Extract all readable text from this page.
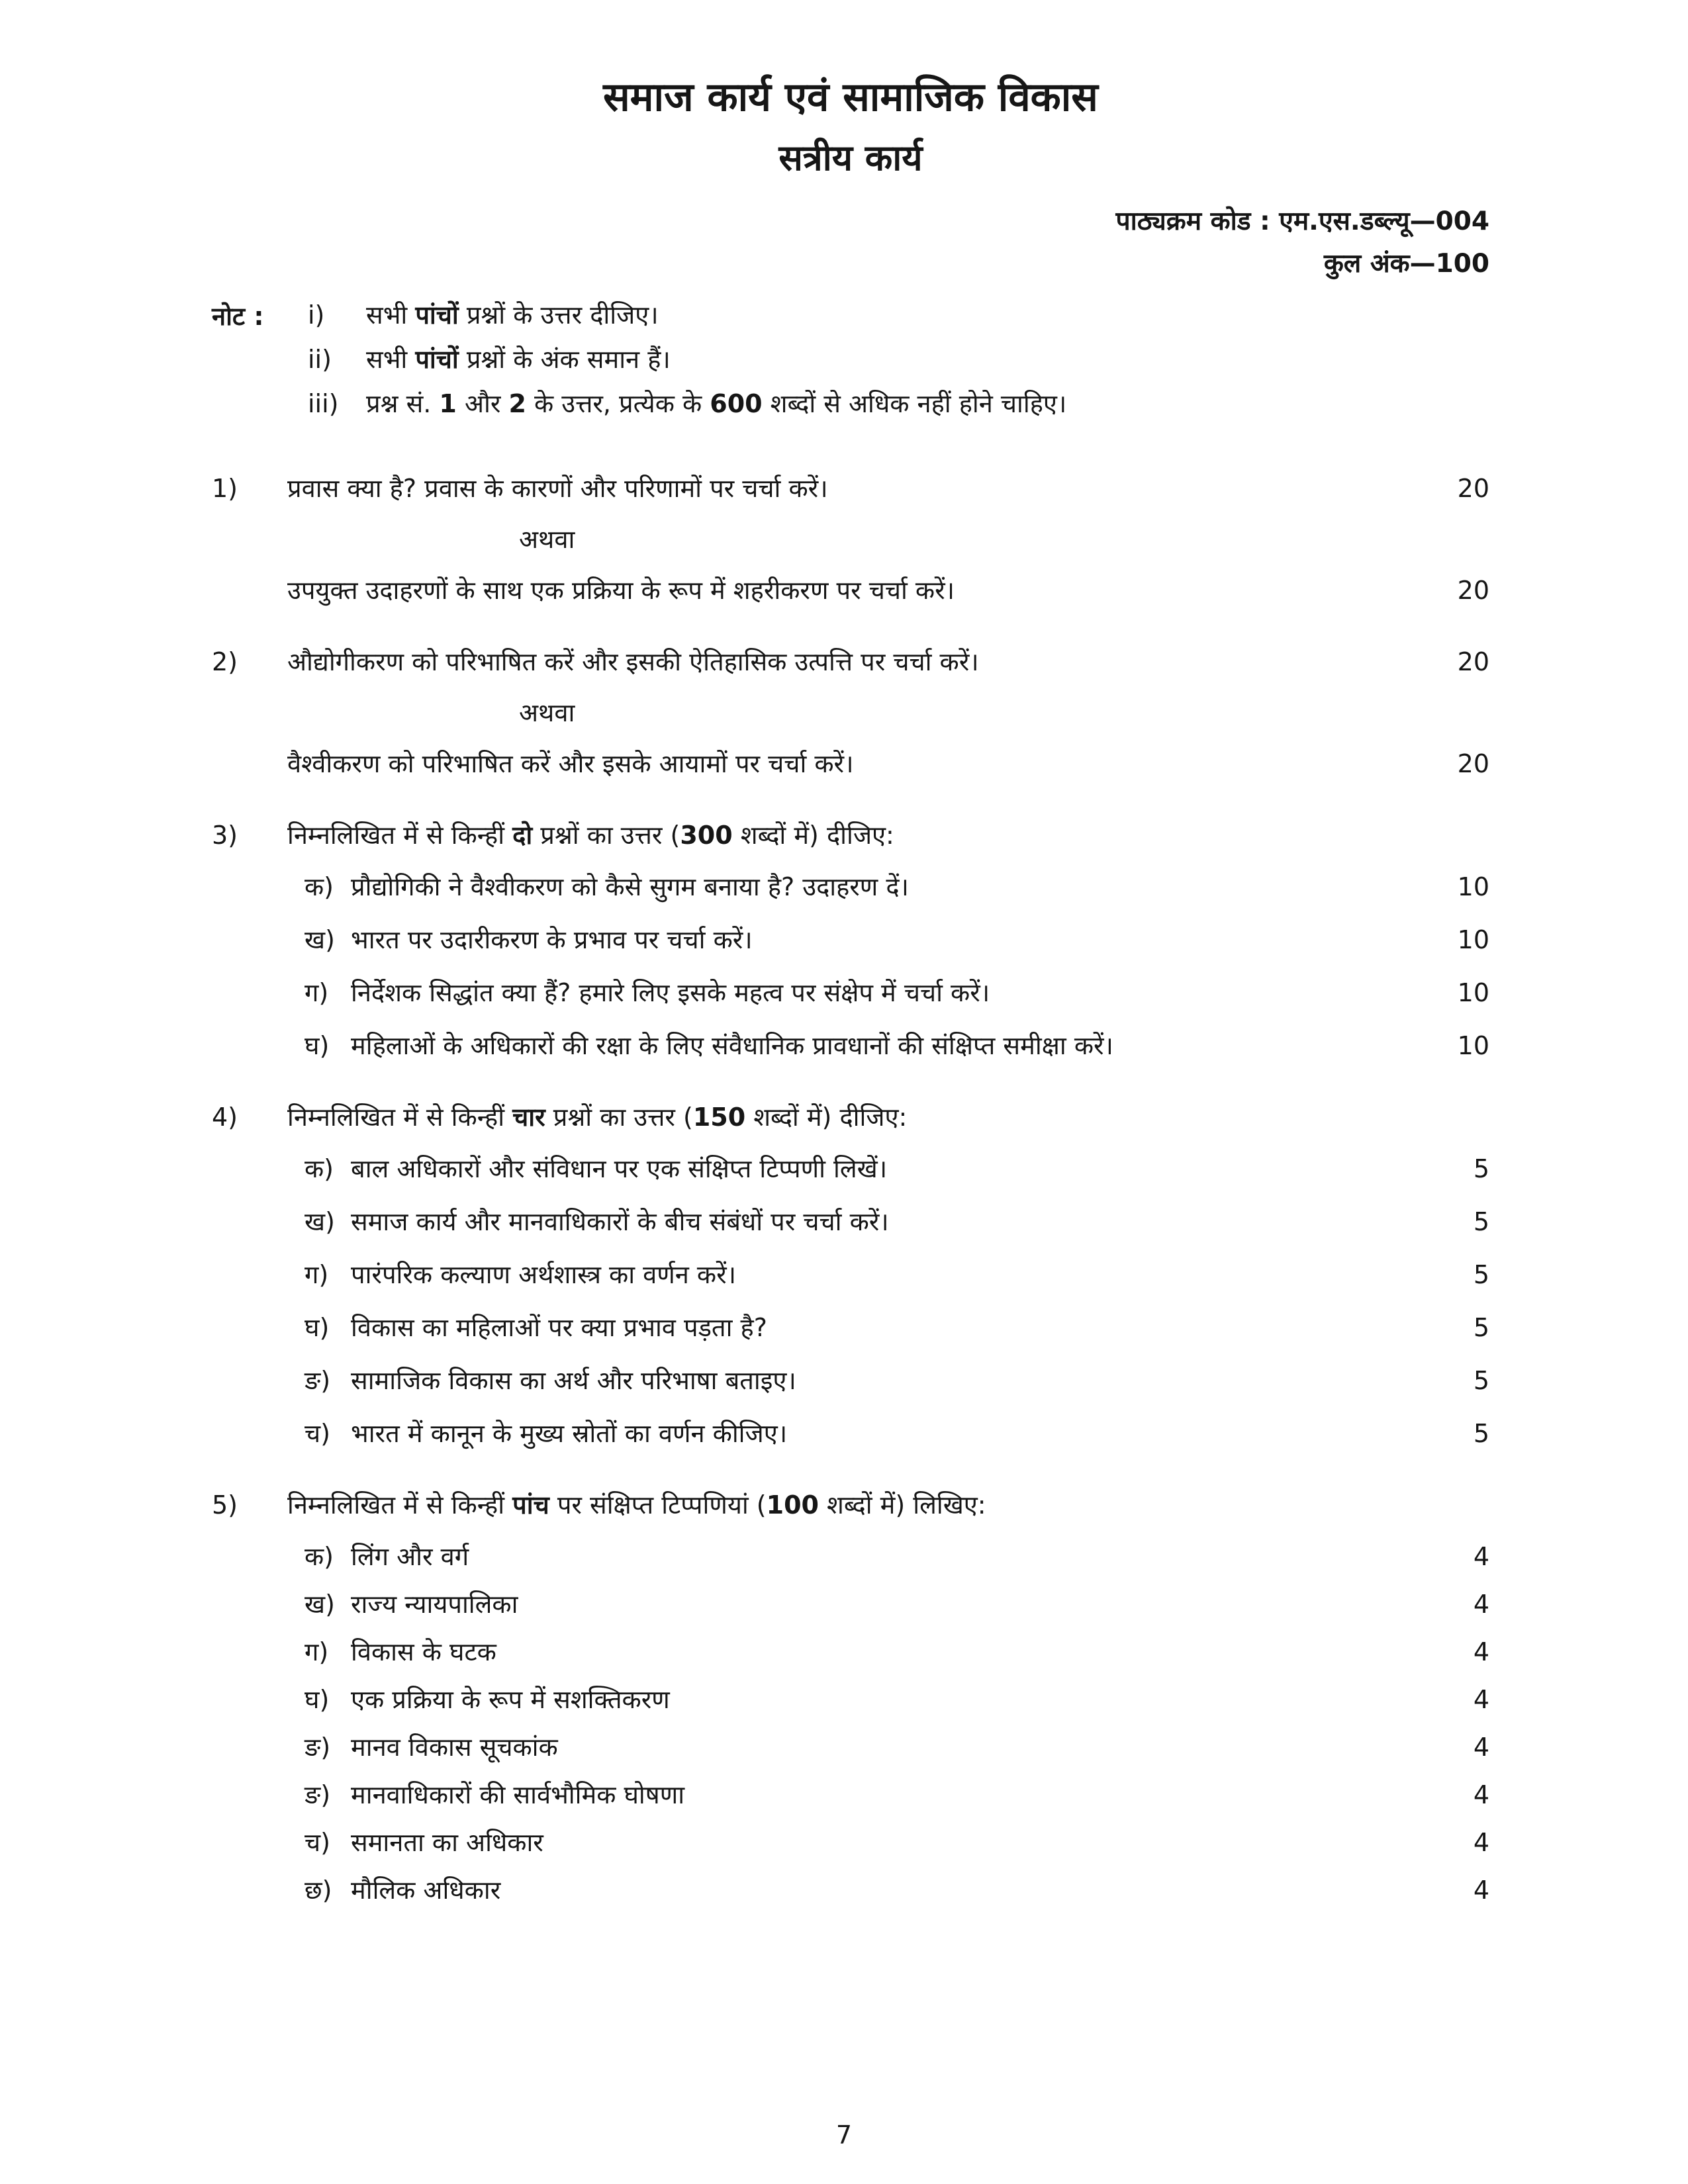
समाज कार्य एवं सामाजिक विकास
सत्रीय कार्य
पाठ्यक्रम कोड : एम.एस.डब्ल्यू—004
कुल अंक—100
नोट :	i)	सभी पांचों प्रश्नों के उत्तर दीजिए।
ii)	सभी पांचों प्रश्नों के अंक समान हैं।
iii)	प्रश्न सं. 1 और 2 के उत्तर, प्रत्येक के 600 शब्दों से अधिक नहीं होने चाहिए।
1)	प्रवास क्या है? प्रवास के कारणों और परिणामों पर चर्चा करें।	20
अथवा
उपयुक्त उदाहरणों के साथ एक प्रक्रिया के रूप में शहरीकरण पर चर्चा करें।	20
2)	औद्योगीकरण को परिभाषित करें और इसकी ऐतिहासिक उत्पत्ति पर चर्चा करें।	20
अथवा
वैश्वीकरण को परिभाषित करें और इसके आयामों पर चर्चा करें।	20
3)	निम्नलिखित में से किन्हीं दो प्रश्नों का उत्तर (300 शब्दों में) दीजिए:
क) प्रौद्योगिकी ने वैश्वीकरण को कैसे सुगम बनाया है? उदाहरण दें।	10
ख) भारत पर उदारीकरण के प्रभाव पर चर्चा करें।	10
ग) निर्देशक सिद्धांत क्या हैं? हमारे लिए इसके महत्व पर संक्षेप में चर्चा करें।	10
घ) महिलाओं के अधिकारों की रक्षा के लिए संवैधानिक प्रावधानों की संक्षिप्त समीक्षा करें।	10
4)	निम्नलिखित में से किन्हीं चार प्रश्नों का उत्तर (150 शब्दों में) दीजिए:
क) बाल अधिकारों और संविधान पर एक संक्षिप्त टिप्पणी लिखें।	5
ख) समाज कार्य और मानवाधिकारों के बीच संबंधों पर चर्चा करें।	5
ग) पारंपरिक कल्याण अर्थशास्त्र का वर्णन करें।	5
घ) विकास का महिलाओं पर क्या प्रभाव पड़ता है?	5
ङ) सामाजिक विकास का अर्थ और परिभाषा बताइए।	5
च) भारत में कानून के मुख्य स्रोतों का वर्णन कीजिए।	5
5)	निम्नलिखित में से किन्हीं पांच पर संक्षिप्त टिप्पणियां (100 शब्दों में) लिखिए:
क) लिंग और वर्ग	4
ख) राज्य न्यायपालिका	4
ग) विकास के घटक	4
घ) एक प्रक्रिया के रूप में सशक्तिकरण	4
ङ) मानव विकास सूचकांक	4
ङ) मानवाधिकारों की सार्वभौमिक घोषणा	4
च) समानता का अधिकार	4
छ) मौलिक अधिकार	4
7
